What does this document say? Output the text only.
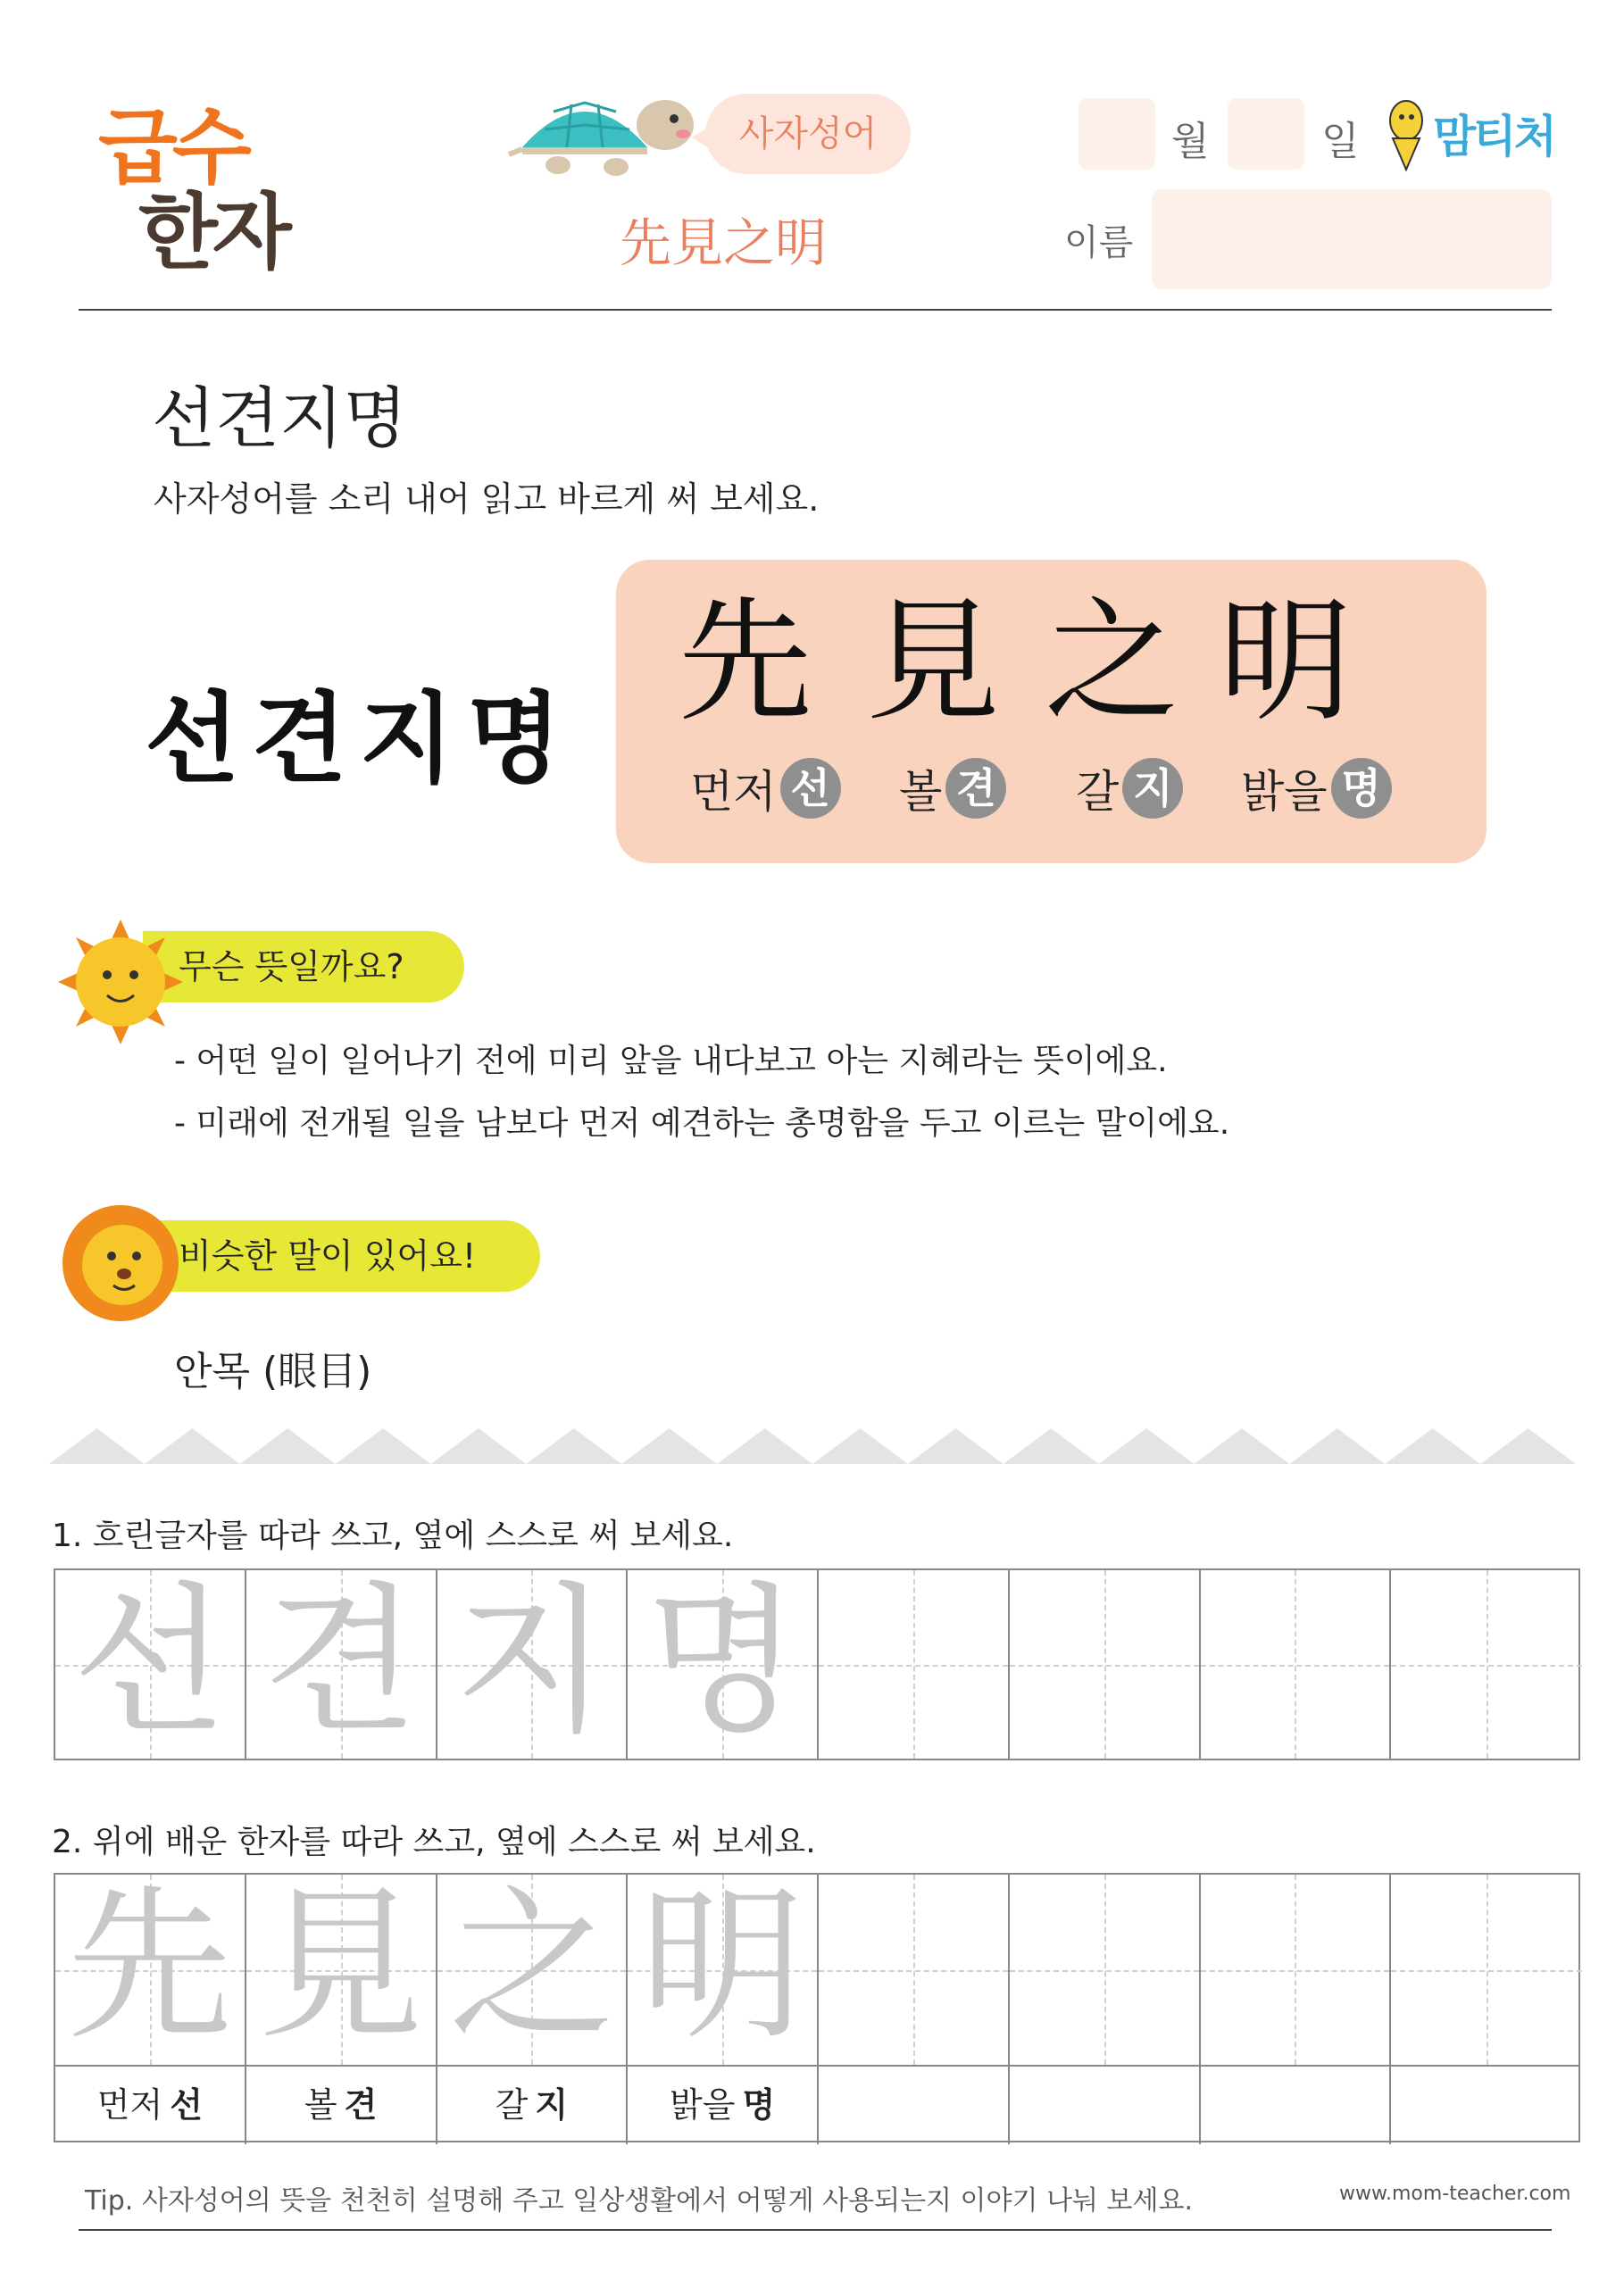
급수
한자
사자성어
先見之明
월	일 맘티처
이름
선견지명
사자성어를 소리 내어 읽고 바르게 써 보세요.
선견지명 先 見 之 明
먼저 선 볼 견 갈 지 밝을 명
무슨 뜻일까요?
- 어떤 일이 일어나기 전에 미리 앞을 내다보고 아는 지혜라는 뜻이에요.
- 미래에 전개될 일을 남보다 먼저 예견하는 총명함을 두고 이르는 말이에요.
비슷한 말이 있어요!
안목 (眼目)
1. 흐린글자를 따라 쓰고, 옆에 스스로 써 보세요.
선 견 지 명
2. 위에 배운 한자를 따라 쓰고, 옆에 스스로 써 보세요.
先 見 之 明
먼저 선	볼 견	갈 지	밝을 명
Tip. 사자성어의 뜻을 천천히 설명해 주고 일상생활에서 어떻게 사용되는지 이야기 나눠 보세요.	www.mom-teacher.com
